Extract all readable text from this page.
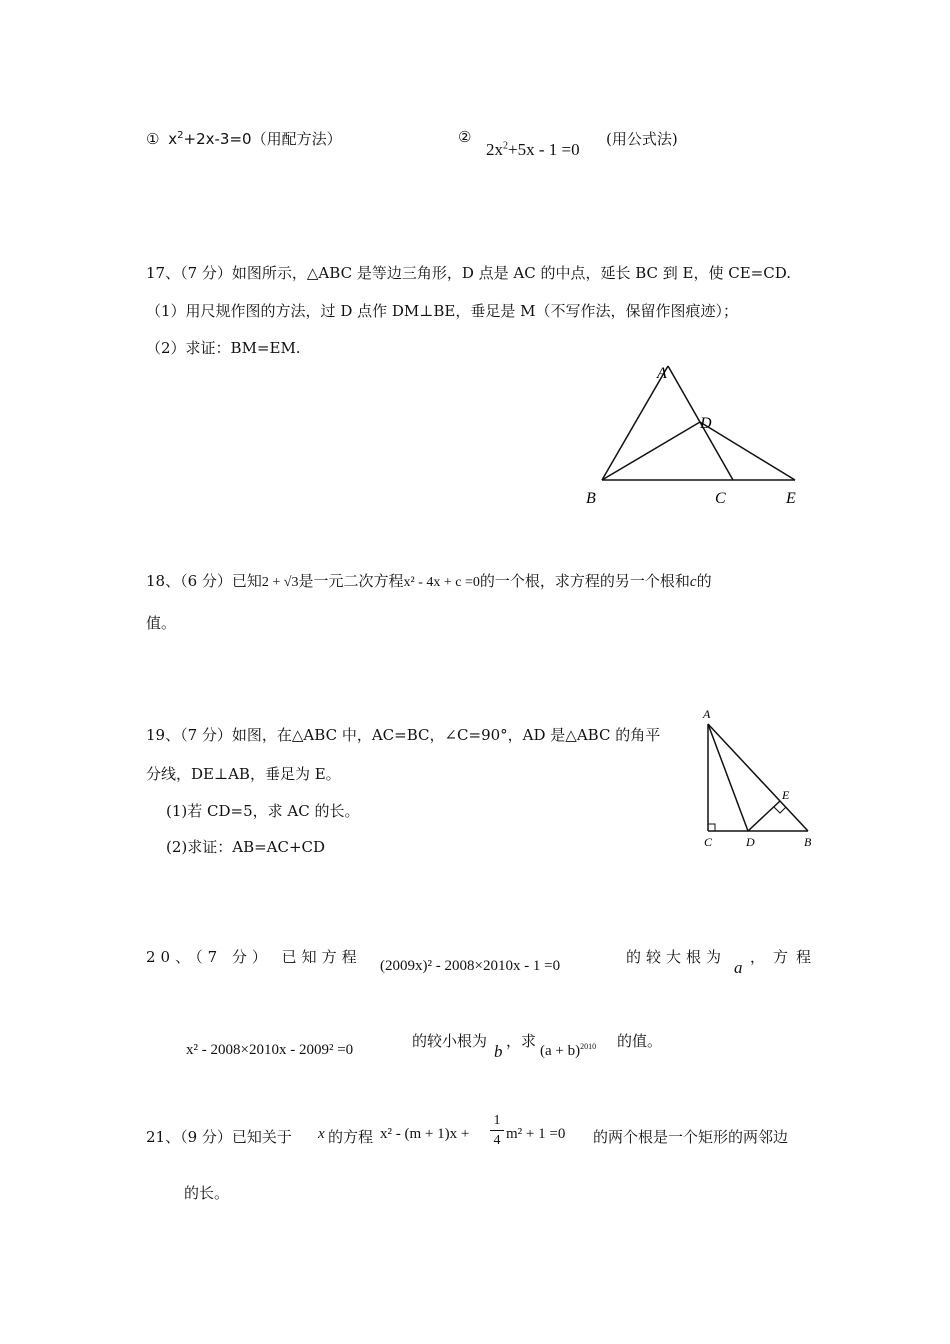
① $x^2+2x-3=0$（用配方法）	②
$2x^2+5x - 1 =0$
(用公式法)
17、（7 分）如图所示，△ABC 是等边三角形，D 点是 AC 的中点，延长 BC 到 E，使 CE=CD.
（1）用尺规作图的方法，过 D 点作 DM⊥BE，垂足是 M（不写作法，保留作图痕迹）；
（2）求证：BM=EM.
A
D
B	C	E
18、（6 分）已知2 + √3是一元二次方程x² - 4x + c =0的一个根，求方程的另一个根和c的
值。
19、（7 分）如图，在△ABC 中，AC=BC，∠C=90°，AD 是△ABC 的角平
分线，DE⊥AB，垂足为 E。
(1)若 CD=5，求 AC 的长。
(2)求证：AB=AC+CD
A
E
C	D	B
20、（7 分） 已知方程 (2009x)² - 2008×2010x - 1 =0	的较大根为
a
，方程
x² - 2008×2010x - 2009² =0	的较小根为
b
，求
$(a + b)^{2010}$ 的值。
21、（9 分）已知关于 x 的方程 x² - (m + 1)x +
1
4 m² + 1 =0 的两个根是一个矩形的两邻边
的长。
